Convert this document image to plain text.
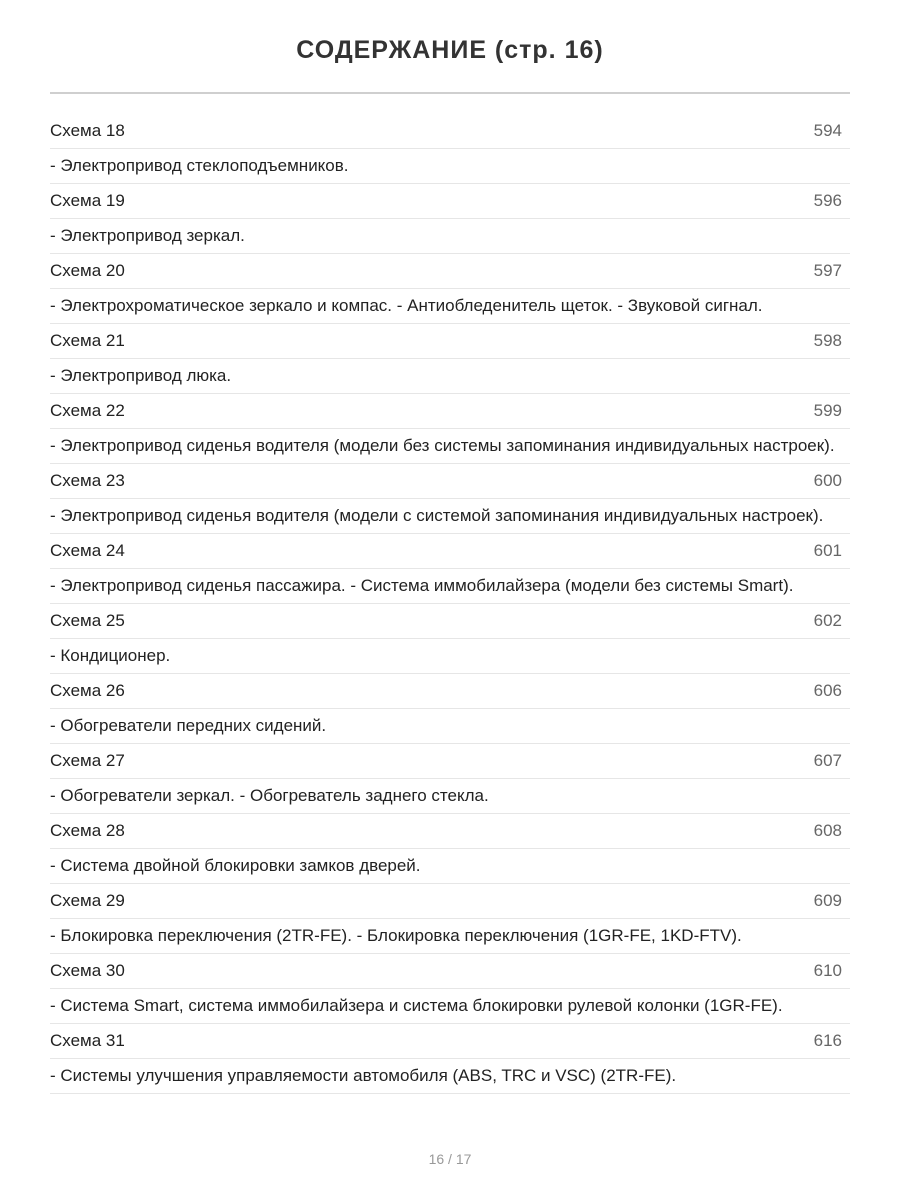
СОДЕРЖАНИЕ (стр. 16)
Схема 18	594
- Электропривод стеклоподъемников.
Схема 19	596
- Электропривод зеркал.
Схема 20	597
- Электрохроматическое зеркало и компас. - Антиобледенитель щеток. - Звуковой сигнал.
Схема 21	598
- Электропривод люка.
Схема 22	599
- Электропривод сиденья водителя (модели без системы запоминания индивидуальных настроек).
Схема 23	600
- Электропривод сиденья водителя (модели с системой запоминания индивидуальных настроек).
Схема 24	601
- Электропривод сиденья пассажира. - Система иммобилайзера (модели без системы Smart).
Схема 25	602
- Кондиционер.
Схема 26	606
- Обогреватели передних сидений.
Схема 27	607
- Обогреватели зеркал. - Обогреватель заднего стекла.
Схема 28	608
- Система двойной блокировки замков дверей.
Схема 29	609
- Блокировка переключения (2TR-FE). - Блокировка переключения (1GR-FE, 1KD-FTV).
Схема 30	610
- Система Smart, система иммобилайзера и система блокировки рулевой колонки (1GR-FE).
Схема 31	616
- Системы улучшения управляемости автомобиля (ABS, TRC и VSC) (2TR-FE).
16 / 17
